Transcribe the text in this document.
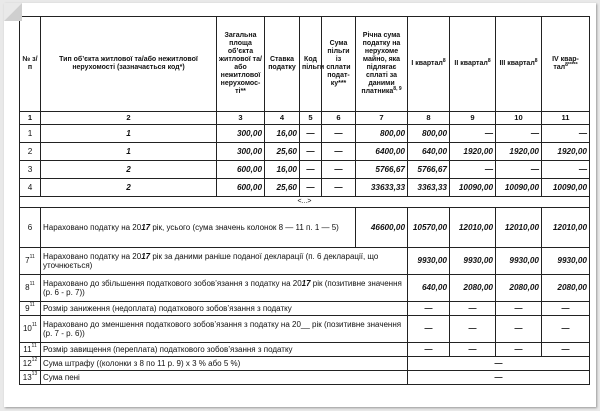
№ з/п	Тип об’єкта житлової та/або нежитлової нерухомості (зазначається код*)	Загальна площа об’єкта житлової та/або нежитлової нерухомос-ті**	Ставка податку	Код пільги	Сума пільги із сплати подат-ку***	Річна сума податку на нерухоме майно, яка підлягає сплаті за даними платника$^{8, 9}$	I квартал$^8$	II квартал$^8$	III квартал$^8$	IV квар-тал$^{8*****}$
1	2	3	4	5	6	7	8	9	10	11
1	1	300,00	16,00	—	—	800,00	800,00	—	—	—
2	1	300,00	25,60	—	—	6400,00	640,00	1920,00	1920,00	1920,00
3	2	600,00	16,00	—	—	5766,67	5766,67	—	—	—
4	2	600,00	25,60	—	—	33633,33	3363,33	10090,00	10090,00	10090,00
<...>										
6	Нараховано податку на 2017 рік, усього (сума значень колонок 8 — 11 п. 1 — 5)					46600,00	10570,00	12010,00	12010,00	12010,00
$7^{11}$	Нараховано податку на 2017 рік за даними раніше поданої декларації (п. 6 декларації, що уточнюється)						9930,00	9930,00	9930,00	9930,00
$8^{11}$	Нараховано до збільшення податкового зобов’язання з податку на 2017 рік (позитивне значення (р. 6 - р. 7))						640,00	2080,00	2080,00	2080,00
$9^{11}$	Розмір заниження (недоплата) податкового зобов’язання з податку						—	—	—	—
$10^{11}$	Нараховано до зменшення податкового зобов’язання з податку на 20__ рік (позитивне значення (р. 7 - р. 6))						—	—	—	—
$11^{11}$	Розмір завищення (переплата) податкового зобов’язання з податку						—	—	—	—
$12^{12}$	Сума штрафу ((колонки з 8 по 11 р. 9) х 3 % або 5 %)						—			
$13^{13}$	Сума пені						—			
